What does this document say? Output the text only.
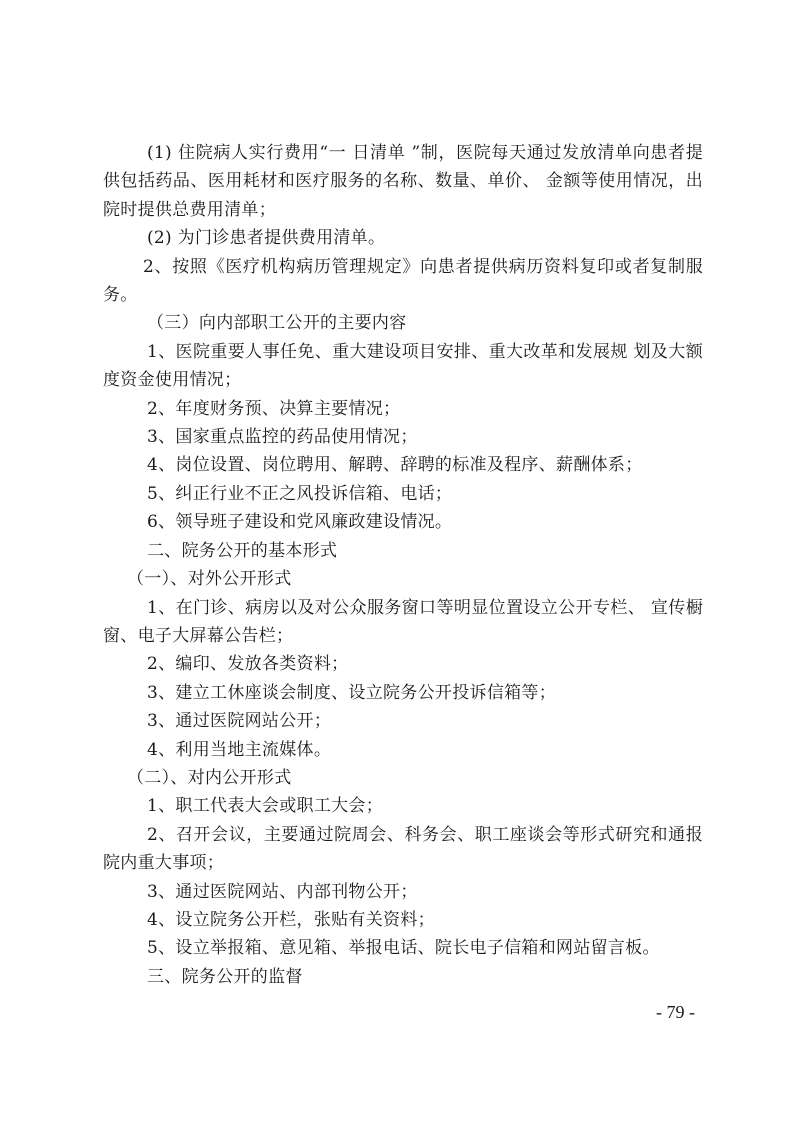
(1) 住院病人实行费用“一 日清单 ”制，医院每天通过发放清单向患者提供包括药品、医用耗材和医疗服务的名称、数量、单价、 金额等使用情况，出院时提供总费用清单；

(2) 为门诊患者提供费用清单。

2、按照《医疗机构病历管理规定》向患者提供病历资料复印或者复制服务。

（三）向内部职工公开的主要内容

1、医院重要人事任免、重大建设项目安排、重大改革和发展规 划及大额度资金使用情况；

2、年度财务预、决算主要情况；

3、国家重点监控的药品使用情况；

4、岗位设置、岗位聘用、解聘、辞聘的标准及程序、薪酬体系；

5、纠正行业不正之风投诉信箱、电话；

6、领导班子建设和党风廉政建设情况。

二、院务公开的基本形式

（一）、对外公开形式

1、在门诊、病房以及对公众服务窗口等明显位置设立公开专栏、 宣传橱窗、电子大屏幕公告栏；

2、编印、发放各类资料；

3、建立工休座谈会制度、设立院务公开投诉信箱等；

3、通过医院网站公开；

4、利用当地主流媒体。

（二）、对内公开形式

1、职工代表大会或职工大会；

2、召开会议，主要通过院周会、科务会、职工座谈会等形式研究和通报院内重大事项；

3、通过医院网站、内部刊物公开；

4、设立院务公开栏，张贴有关资料；

5、设立举报箱、意见箱、举报电话、院长电子信箱和网站留言板。

三、院务公开的监督

- 79 -
